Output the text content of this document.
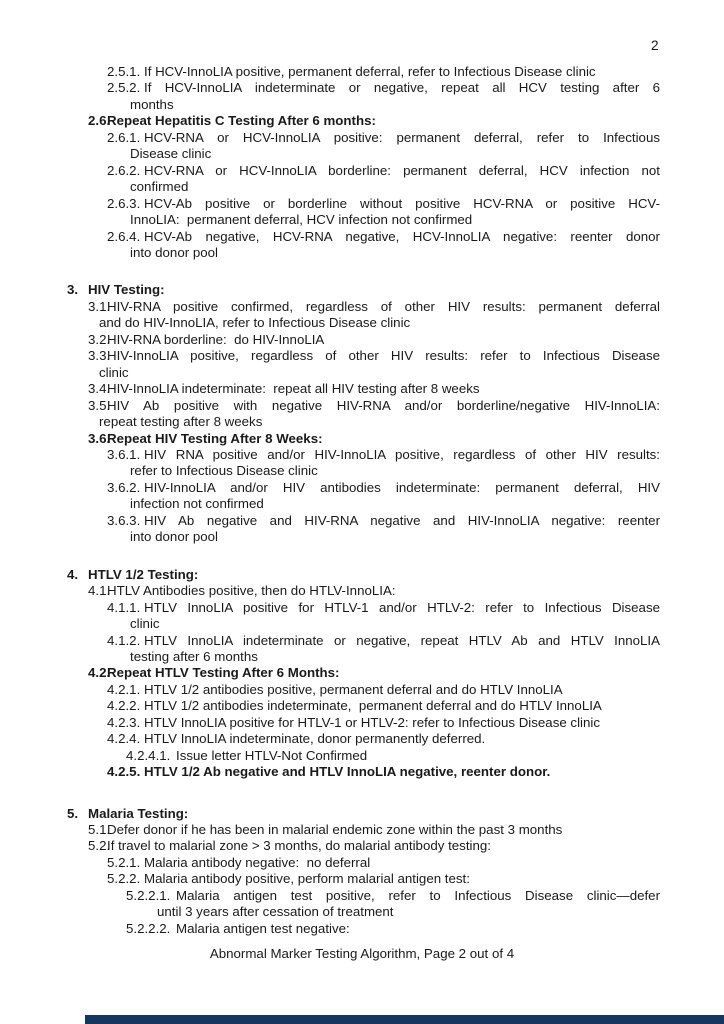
2
2.5.1. If HCV-InnoLIA positive, permanent deferral, refer to Infectious Disease clinic
2.5.2. If HCV-InnoLIA indeterminate or negative, repeat all HCV testing after 6
months
2.6.
Repeat Hepatitis C Testing After 6 months:
2.6.1. HCV-RNA or HCV-InnoLIA positive: permanent deferral, refer to Infectious
Disease clinic
2.6.2. HCV-RNA or HCV-InnoLIA borderline: permanent deferral, HCV infection not
confirmed
2.6.3. HCV-Ab positive or borderline without positive HCV-RNA or positive HCV-
InnoLIA:  permanent deferral, HCV infection not confirmed
2.6.4. HCV-Ab negative, HCV-RNA negative, HCV-InnoLIA negative: reenter donor
into donor pool
3. HIV Testing:
3.1.
HIV-RNA positive confirmed, regardless of other HIV results: permanent deferral
and do HIV-InnoLIA, refer to Infectious Disease clinic
3.2.
HIV-RNA borderline:  do HIV-InnoLIA
3.3.
HIV-InnoLIA positive, regardless of other HIV results: refer to Infectious Disease
clinic
3.4.
HIV-InnoLIA indeterminate:  repeat all HIV testing after 8 weeks
3.5.
HIV Ab positive with negative HIV-RNA and/or borderline/negative HIV-InnoLIA:
repeat testing after 8 weeks
3.6.
Repeat HIV Testing After 8 Weeks:
3.6.1. HIV RNA positive and/or HIV-InnoLIA positive, regardless of other HIV results:
refer to Infectious Disease clinic
3.6.2. HIV-InnoLIA and/or HIV antibodies indeterminate: permanent deferral, HIV
infection not confirmed
3.6.3. HIV Ab negative and HIV-RNA negative and HIV-InnoLIA negative: reenter
into donor pool
4. HTLV 1/2 Testing:
4.1.
HTLV Antibodies positive, then do HTLV-InnoLIA:
4.1.1. HTLV InnoLIA positive for HTLV-1 and/or HTLV-2: refer to Infectious Disease
clinic
4.1.2. HTLV InnoLIA indeterminate or negative, repeat HTLV Ab and HTLV InnoLIA
testing after 6 months
4.2.
Repeat HTLV Testing After 6 Months:
4.2.1. HTLV 1/2 antibodies positive, permanent deferral and do HTLV InnoLIA
4.2.2. HTLV 1/2 antibodies indeterminate,  permanent deferral and do HTLV InnoLIA
4.2.3. HTLV InnoLIA positive for HTLV-1 or HTLV-2: refer to Infectious Disease clinic
4.2.4. HTLV InnoLIA indeterminate, donor permanently deferred.
4.2.4.1. Issue letter HTLV-Not Confirmed
4.2.5. HTLV 1/2 Ab negative and HTLV InnoLIA negative, reenter donor.
5. Malaria Testing:
5.1.
Defer donor if he has been in malarial endemic zone within the past 3 months
5.2.
If travel to malarial zone > 3 months, do malarial antibody testing:
5.2.1. Malaria antibody negative:  no deferral
5.2.2. Malaria antibody positive, perform malarial antigen test:
5.2.2.1. Malaria antigen test positive, refer to Infectious Disease clinic—defer
until 3 years after cessation of treatment
5.2.2.2. Malaria antigen test negative:
Abnormal Marker Testing Algorithm, Page 2 out of 4
